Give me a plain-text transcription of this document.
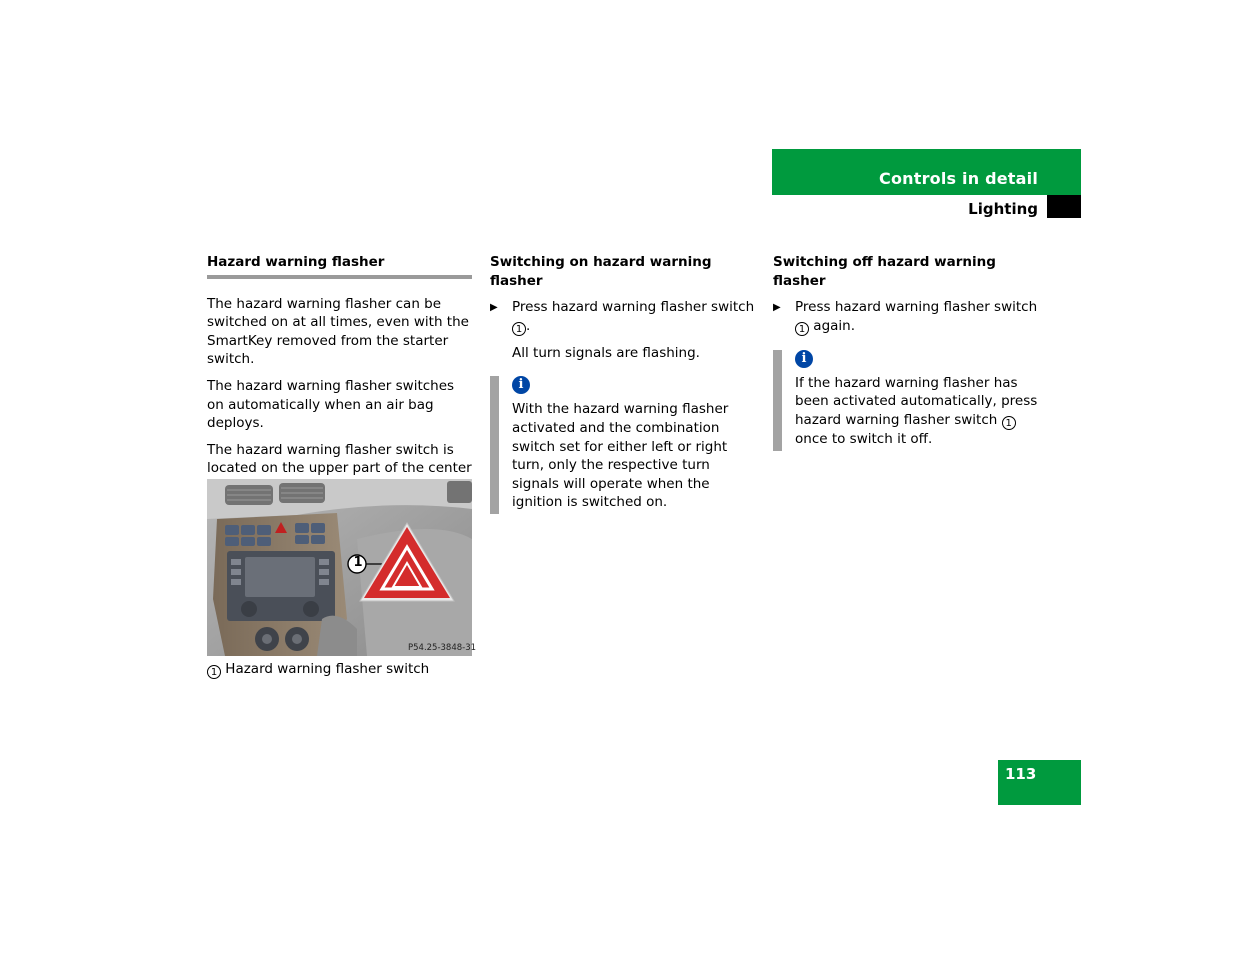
Controls in detail
Lighting
Hazard warning flasher

The hazard warning flasher can be switched on at all times, even with the SmartKey removed from the starter switch.

The hazard warning flasher switches on automatically when an air bag deploys.

The hazard warning flasher switch is located on the upper part of the center

1
P54.25-3848-31
1 Hazard warning flasher switch
Switching on hazard warning flasher
▶ Press hazard warning flasher switch 1 .
All turn signals are flashing.
i
With the hazard warning flasher activated and the combination switch set for either left or right turn, only the respective turn signals will operate when the ignition is switched on.
Switching off hazard warning flasher
▶ Press hazard warning flasher switch 1 again.
i
If the hazard warning flasher has been activated automatically, press hazard warning flasher switch 1 once to switch it off.
113
